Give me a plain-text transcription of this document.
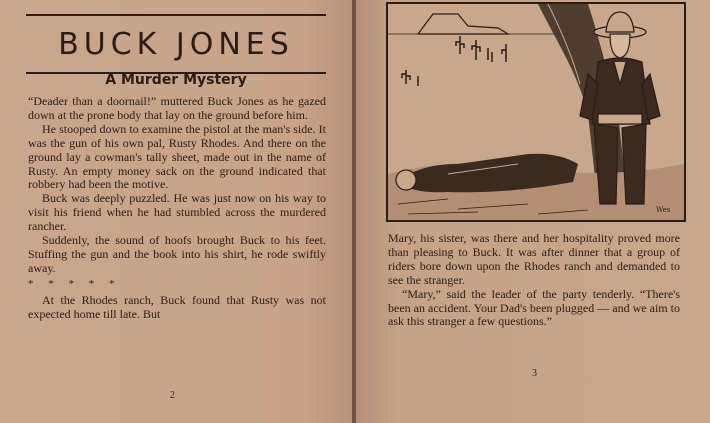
BUCK JONES
A Murder Mystery

“Deader than a doornail!” muttered Buck Jones as he gazed down at the prone body that lay on the ground before him.

He stooped down to examine the pistol at the man's side. It was the gun of his own pal, Rusty Rhodes. And there on the ground lay a cowman's tally sheet, made out in the name of Rusty. An empty money sack on the ground indicated that robbery had been the motive.

Buck was deeply puzzled. He was just now on his way to visit his friend when he had stumbled across the murdered rancher.

Suddenly, the sound of hoofs brought Buck to his feet. Stuffing the gun and the book into his shirt, he rode swiftly away.

* * * * *

At the Rhodes ranch, Buck found that Rusty was not expected home till late. But

2
Wes

Mary, his sister, was there and her hospitality proved more than pleasing to Buck. It was after dinner that a group of riders bore down upon the Rhodes ranch and demanded to see the stranger.

“Mary,” said the leader of the party tenderly. “There's been an accident. Your Dad's been plugged — and we aim to ask this stranger a few questions.”

3
